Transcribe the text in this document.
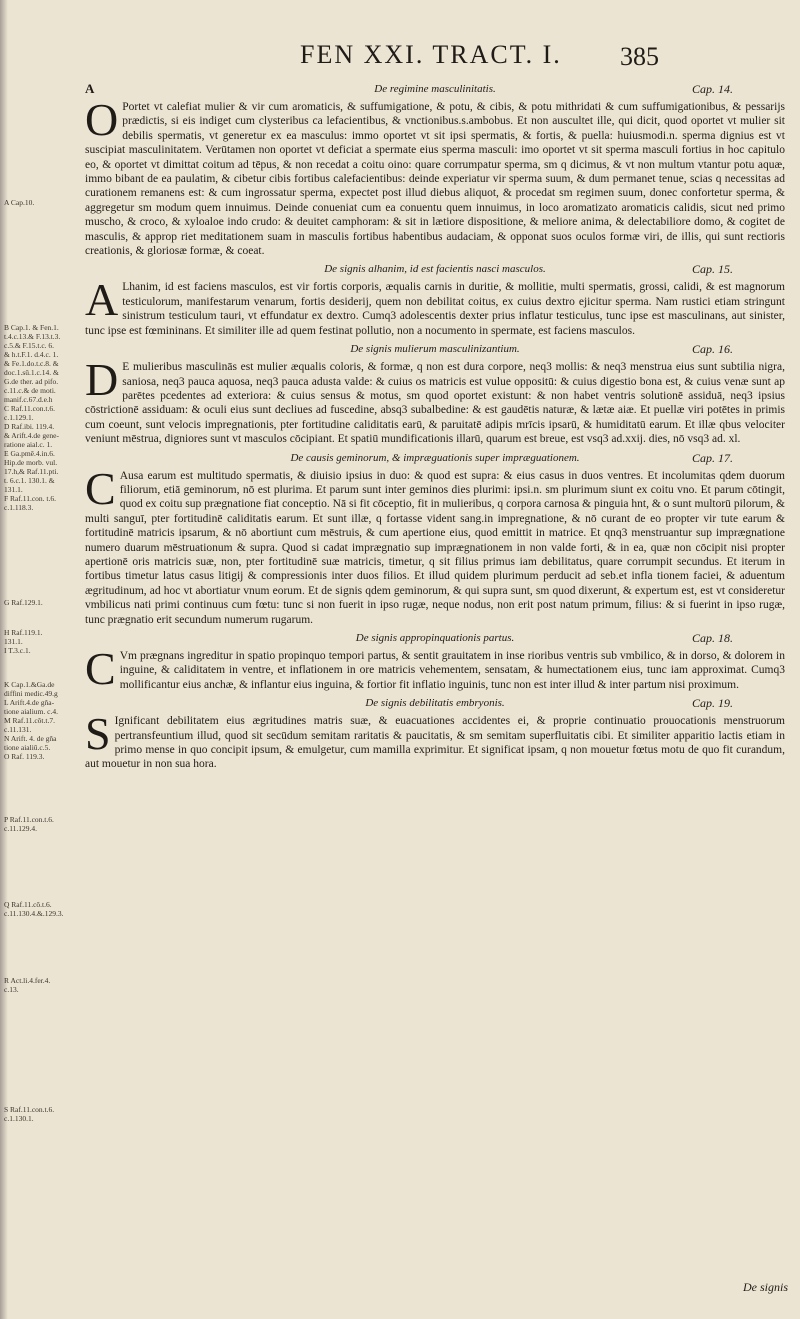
FEN XXI. TRACT. I. 385
A Cap.10.
B Cap.1. & Fen.1.
t.4.c.13.& F.13.t.3.
c.5.& F.15.t.c. 6.
& h.t.F.1. d.4.c. 1.
& Fe.1.do.t.c.8. &
doc.1.sū.1.c.14. &
G.de ther. ad pifo.
c.11.c.& de moti.
manif.c.67.d.e.h
C Raf.11.con.t.6.
c.1.129.1.
D Raf.ibi. 119.4.
& Arift.4.de gene-
ratione aial.c. 1.
E Ga.pmē.4.in.6.
Hip.de morb. vul.
17.h,& Raf.11.pti.
t. 6.c.1. 130.1. &
131.1.
F Raf.11.con. t.6.
c.1.118.3.
G Raf.129.1.
H Raf.119.1.
131.1.
I T.3.c.1.
K Cap.1.&Ga.de
diffini medic.49.g
L Arift.4.de gña-
tione aialium. c.4.
M Raf.11.cōt.t.7.
c.11.131.
N Arift. 4. de gña
tione aialiū.c.5.
O Raf. 119.3.
P Raf.11.con.t.6.
c.11.129.4.
Q Raf.11.cō.t.6.
c.11.130.4.&.129.3.
R Act.li.4.fer.4.
c.13.
S Raf.11.con.t.6.
c.1.130.1.
A	De regimine masculinitatis.	Cap. 14.

O Portet vt calefiat mulier & vir cum aromaticis, & suffumigatione, & potu, & cibis, & potu mithridati & cum suffumigationibus, & pessarijs prædictis, si eis indiget cum clysteribus ca lefacientibus, & vnctionibus.s.ambobus. Et non auscultet ille, qui dicit, quod oportet vt mulier sit debilis spermatis, vt generetur ex ea masculus: immo oportet vt sit ipsi spermatis, & fortis, & puella: huiusmodi.n. sperma dignius est vt suscipiat masculinitatem. Verūtamen non oportet vt deficiat a spermate eius sperma masculi: imo oportet vt sit sperma masculi fortius in hoc capitulo eo, & oportet vt dimittat coitum ad tēpus, & non recedat a coitu oino: quare corrumpatur sperma, sm q dicimus, & vt non multum vtantur potu aquæ, immo bibant de ea paulatim, & cibetur cibis fortibus calefacientibus: deinde experiatur vir sperma suum, & dum permanet tenue, scias q necessitas ad curationem remanens est: & cum ingrossatur sperma, expectet post illud diebus aliquot, & procedat sm regimen suum, donec confortetur sperma, & aggregetur sm modum quem innuimus. Deinde conueniat cum ea conuentu quem innuimus, in loco aromatizato aromaticis calidis, sicut ned primo muscho, & croco, & xyloaloe indo crudo: & deuitet camphoram: & sit in lætiore dispositione, & meliore anima, & delectabiliore domo, & cogitet de masculis, & approp riet meditationem suam in masculis fortibus habentibus audaciam, & opponat suos oculos formæ viri, de illis, qui sunt rectioris creationis, & gloriosæ formæ, & coeat.

De signis alhanim, id est facientis nasci masculos.	Cap. 15.

A Lhanim, id est faciens masculos, est vir fortis corporis, æqualis carnis in duritie, & mollitie, multi spermatis, grossi, calidi, & est magnorum testiculorum, manifestarum venarum, fortis desiderij, quem non debilitat coitus, ex cuius dextro ejicitur sperma. Nam rustici etiam stringunt sinistrum testiculum tauri, vt effundatur ex dextro. Cumq3 adolescentis dexter prius inflatur testiculus, tunc ipse est masculinans, aut sinister, tunc ipse est fœmininans. Et similiter ille ad quem festinat pollutio, non a nocumento in spermate, est faciens masculos.

De signis mulierum masculinizantium.	Cap. 16.

D E mulieribus masculinās est mulier æqualis coloris, & formæ, q non est dura corpore, neq3 mollis: & neq3 menstrua eius sunt subtilia nigra, saniosa, neq3 pauca aquosa, neq3 pauca adusta valde: & cuius os matricis est vulue oppositū: & cuius digestio bona est, & cuius venæ sunt ap parētes pcedentes ad exteriora: & cuius sensus & motus, sm quod oportet existunt: & non habet ventris solutionē assiduā, neq3 ipsius cōstrictionē assiduam: & oculi eius sunt decliues ad fuscedine, absq3 subalbedine: & est gaudētis naturæ, & lætæ aiæ. Et puellæ viri potētes in primis cum coeunt, sunt velocis impregnationis, pter fortitudine caliditatis earū, & paruitatē adipis mrīcis ipsarū, & humiditatū earum. Et illæ qbus velociter veniunt mēstrua, digniores sunt vt masculos cōcipiant. Et spatiū mundificationis illarū, quarum est breue, est vsq3 ad.xxij. dies, nō vsq3 ad. xl.

De causis geminorum, & impræguationis super impræguationem.	Cap. 17.

C Ausa earum est multitudo spermatis, & diuisio ipsius in duo: & quod est supra: & eius casus in duos ventres. Et incolumitas qdem duorum filiorum, etiā geminorum, nō est plurima. Et parum sunt inter geminos dies plurimi: ipsi.n. sm plurimum siunt ex coitu vno. Et parum cōtingit, quod ex coitu sup prægnatione fiat conceptio. Nā si fit cōceptio, fit in mulieribus, q corpora carnosa & pinguia hnt, & o sunt multorū pilorum, & multi sanguī, pter fortitudinē caliditatis earum. Et sunt illæ, q fortasse vident sang.in impregnatione, & nō curant de eo propter vir tute earum & fortitudinē matricis ipsarum, & nō abortiunt cum mēstruis, & cum apertione eius, quod emittit in matrice. Et qnq3 menstruantur sup imprægnatione numero duarum mēstruationum & supra. Quod si cadat imprægnatio sup imprægnationem in non valde forti, & in ea, quæ non cōcipit nisi propter apertionē oris matricis suæ, non, pter fortitudinē suæ matricis, timetur, q sit filius primus iam debilitatus, quare corrumpit secundus. Et iterum in fortibus timetur latus casus litigij & compressionis inter duos filios. Et illud quidem plurimum perducit ad seb.et infla tionem faciei, & aduentum ægritudinum, ad hoc vt abortiatur vnum eorum. Et de signis qdem geminorum, & qui supra sunt, sm quod dixerunt, & expertum est, est vt consideretur vmbilicus nati primi continuus cum fœtu: tunc si non fuerit in ipso rugæ, neque nodus, non erit post natum primum, filius: & si fuerint in ipso rugæ, tunc prægnatio erit secundum numerum rugarum.

De signis appropinquationis partus.	Cap. 18.

C Vm prægnans ingreditur in spatio propinquo tempori partus, & sentit grauitatem in inse rioribus ventris sub vmbilico, & in dorso, & dolorem in inguine, & caliditatem in ventre, et inflationem in ore matricis vehementem, sensatam, & humectationem eius, tunc iam approximat. Cumq3 mollificantur eius anchæ, & inflantur eius inguina, & fortior fit inflatio inguinis, tunc non est inter illud & inter partum nisi proximum.

De signis debilitatis embryonis.	Cap. 19.

S Ignificant debilitatem eius ægritudines matris suæ, & euacuationes accidentes ei, & proprie continuatio prouocationis menstruorum pertransfeuntium illud, quod sit secūdum semitam raritatis & paucitatis, & sm semitam superfluitatis cibi. Et similiter apparitio lactis etiam in primo mense in quo concipit ipsum, & emulgetur, cum mamilla exprimitur. Et significat ipsam, q non mouetur fœtus motu de quo fit curandum, aut mouetur in non sua hora.

De signis
